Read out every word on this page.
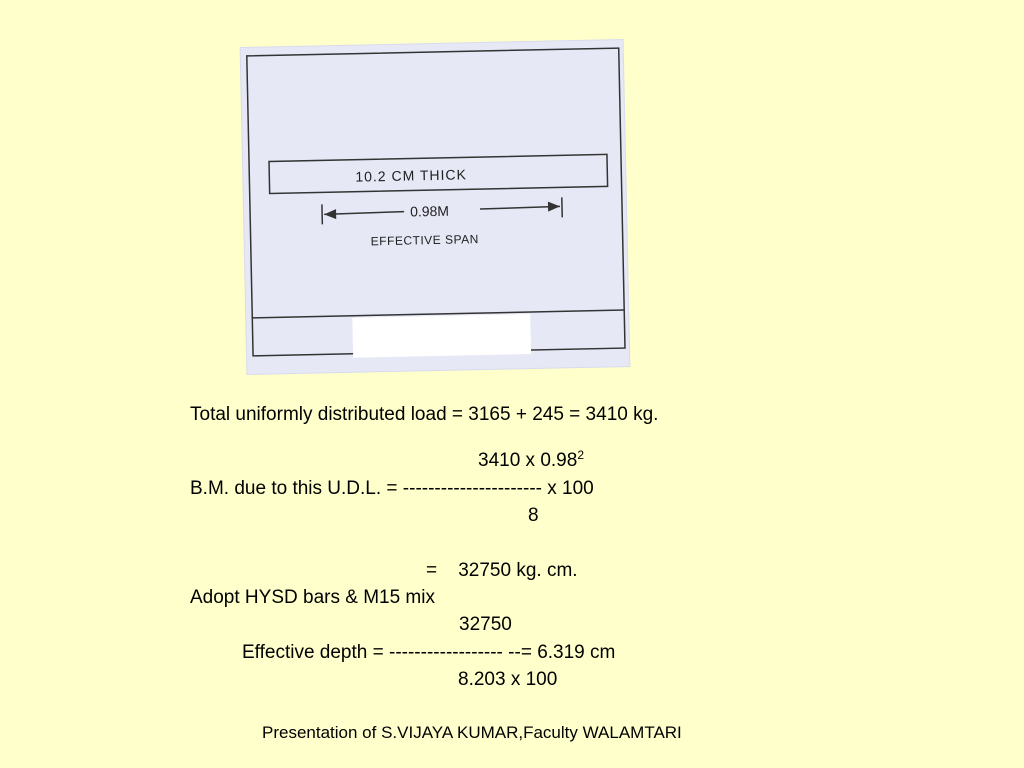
10.2 CM THICK
0.98M
EFFECTIVE SPAN
Total uniformly distributed load = 3165 + 245 = 3410 kg.
3410 x 0.98$^2$
B.M. due to this U.D.L. = ---------------------- x 100
8
=    32750 kg. cm.
Adopt HYSD bars & M15 mix
32750
Effective depth = ------------------ --= 6.319 cm
8.203 x 100
Presentation of S.VIJAYA KUMAR,Faculty WALAMTARI
